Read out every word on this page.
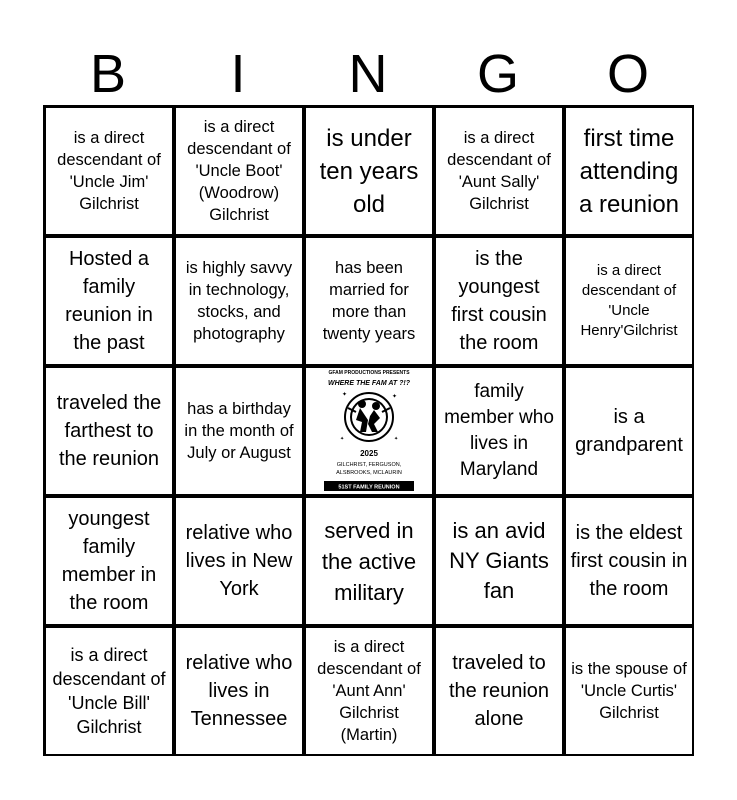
B	I	N	G	O
is a direct descendant of 'Uncle Jim' Gilchrist
is a direct descendant of 'Uncle Boot' (Woodrow) Gilchrist
is under ten years old
is a direct descendant of 'Aunt Sally' Gilchrist
first time attending a reunion
Hosted a family reunion in the past
is highly savvy in technology, stocks, and photography
has been married for more than twenty years
is the youngest first cousin the room
is a direct descendant of 'Uncle Henry'Gilchrist
traveled the farthest to the reunion
has a birthday in the month of July or August
GFAM PRODUCTIONS PRESENTS
WHERE THE FAM AT ?!?
✦	✦
✦	✦
2025
GILCHRIST, FERGUSON,
ALSBROOKS, MCLAURIN
51ST FAMILY REUNION
family member who lives in Maryland
is a grandparent
youngest family member in the room
relative who lives in New York
served in the active military
is an avid NY Giants fan
is the eldest first cousin in the room
is a direct descendant of 'Uncle Bill' Gilchrist
relative who lives in Tennessee
is a direct descendant of 'Aunt Ann' Gilchrist (Martin)
traveled to the reunion alone
is the spouse of 'Uncle Curtis' Gilchrist
